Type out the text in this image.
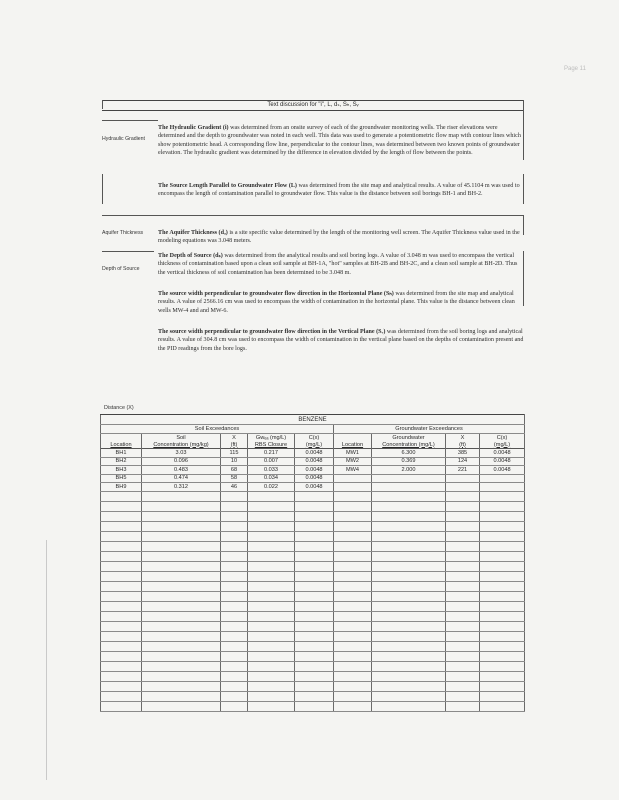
Page 11
Text discussion for "i", L, dₛ, Sₕ, Sᵥ
Hydraulic Gradient
Aquifer Thickness
Depth of Source
The Hydraulic Gradient (i) was determined from an onsite survey of each of the groundwater monitoring wells. The riser elevations were determined and the depth to groundwater was noted in each well. This data was used to generate a potentiometric flow map with contour lines which show potentiometric head. A corresponding flow line, perpendicular to the contour lines, was determined between two known points of groundwater elevation. The hydraulic gradient was determined by the difference in elevation divided by the length of flow between the points.
The Source Length Parallel to Groundwater Flow (L) was determined from the site map and analytical results. A value of 45.1104 m was used to encompass the length of contamination parallel to groundwater flow. This value is the distance between soil borings BH-1 and BH-2.
The Aquifer Thickness (dₐ) is a site specific value determined by the length of the monitoring well screen. The Aquifer Thickness value used in the modeling equations was 3.048 meters.
The Depth of Source (dₛ) was determined from the analytical results and soil boring logs. A value of 3.048 m was used to encompass the vertical thickness of contamination based upon a clean soil sample at BH-1A, "hot" samples at BH-2B and BH-2C, and a clean soil sample at BH-2D. Thus the vertical thickness of soil contamination has been determined to be 3.048 m.
The source width perpendicular to groundwater flow direction in the Horizontal Plane (Sₕ) was determined from the site map and analytical results. A value of 2566.16 cm was used to encompass the width of contamination in the horizontal plane. This value is the distance between clean wells MW-4 and and MW-6.
The source width perpendicular to groundwater flow direction in the Vertical Plane (Sᵥ) was determined from the soil boring logs and analytical results. A value of 304.8 cm was used to encompass the width of contamination in the vertical plane based on the depths of contamination present and the PID readings from the bore logs.
Distance (X)
BENZENE								
Soil Exceedances					Groundwater Exceedances			
	Soil	X	Gwₑₐ (mg/L)	C(x)		Groundwater	X	C(x)
Location	Concentration (mg/kg)	(ft)	RBS Closure	(mg/L)	Location	Concentration (mg/L)	(ft)	(mg/L)
BH1	3.03	115	0.217	0.0048	MW1	6.300	385	0.0048
BH2	0.096	10	0.007	0.0048	MW2	0.369	124	0.0048
BH3	0.483	68	0.033	0.0048	MW4	2.000	221	0.0048
BH5	0.474	58	0.034	0.0048				
BH9	0.312	46	0.022	0.0048				
